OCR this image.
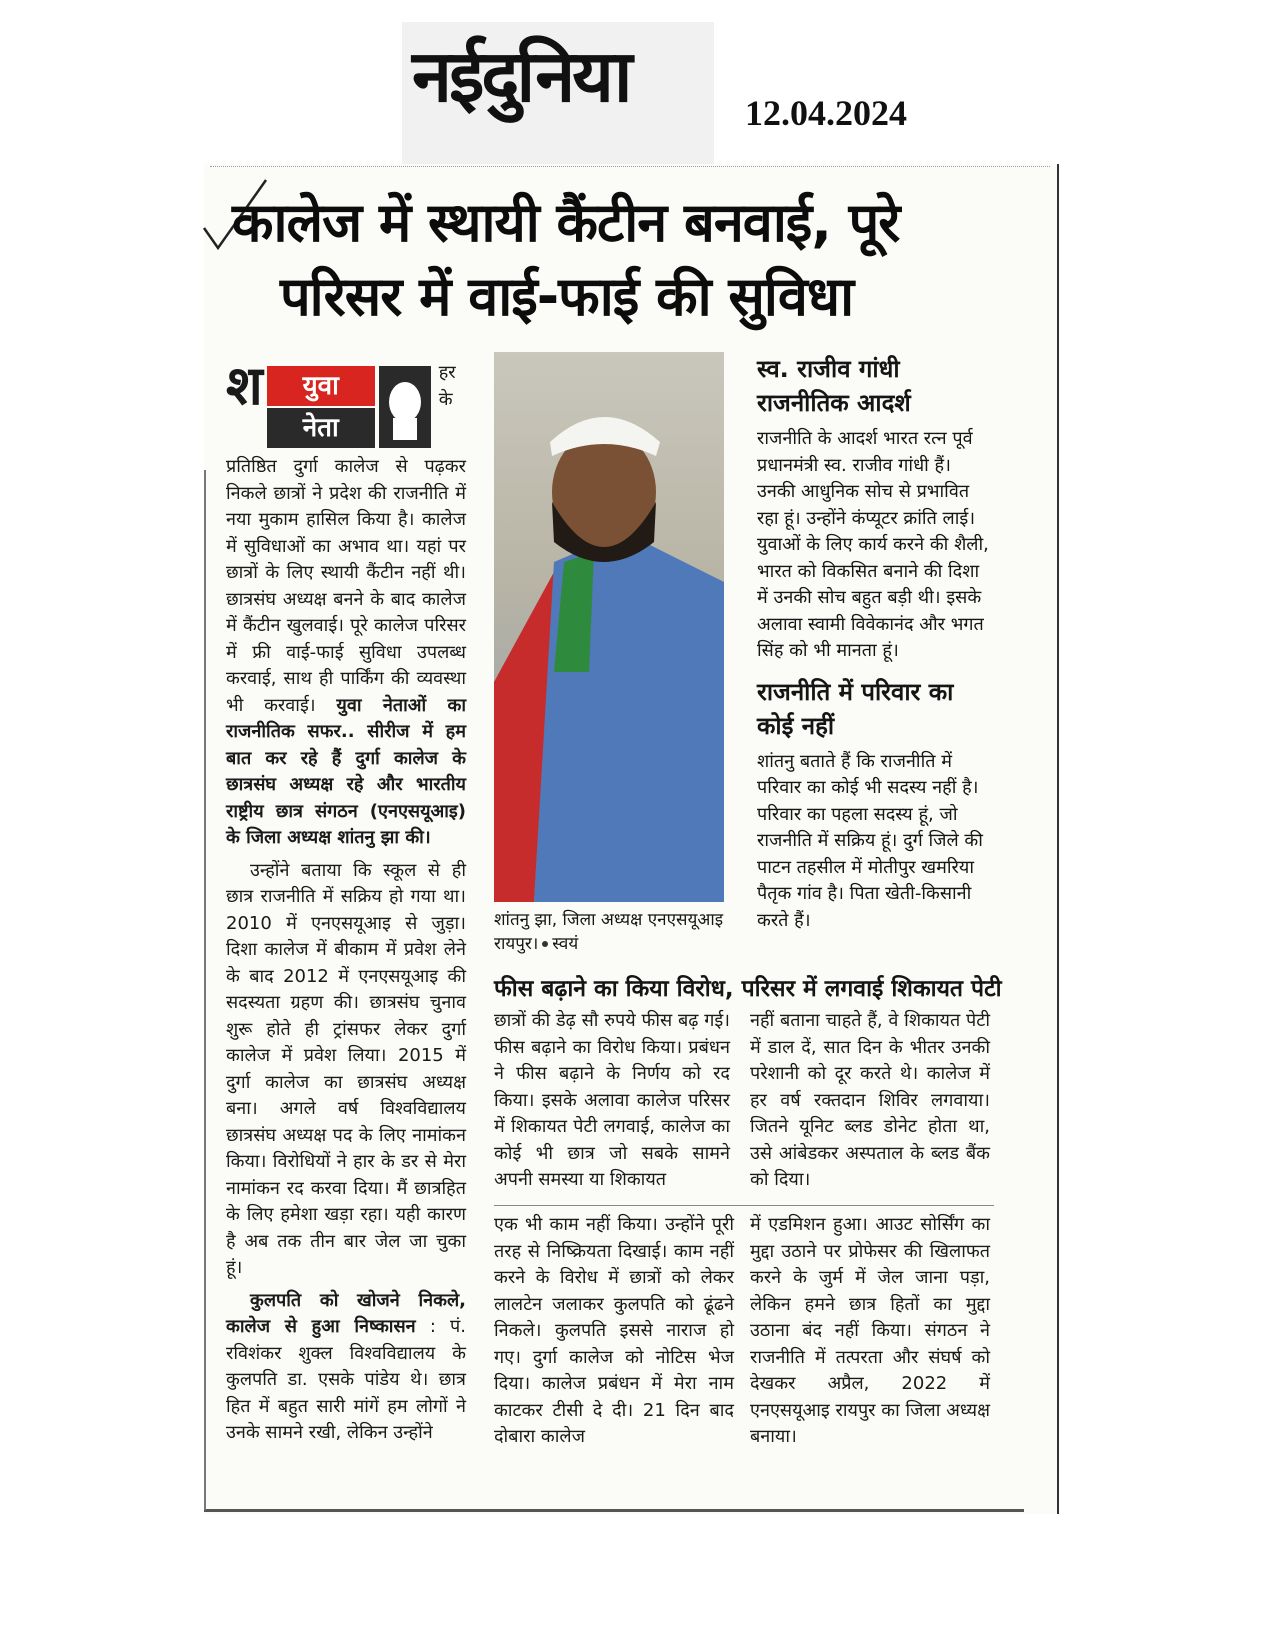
नईदुनिया	12.04.2024
कालेज में स्थायी कैंटीन बनवाई, पूरे
परिसर में वाई-फाई की सुविधा
श	युवा
नेता
हर के प्रतिष्ठित दुर्गा कालेज से पढ़कर निकले छात्रों ने प्रदेश की राजनीति में नया मुकाम हासिल किया है। कालेज में सुविधाओं का अभाव था। यहां पर छात्रों के लिए स्थायी कैंटीन नहीं थी। छात्रसंघ अध्यक्ष बनने के बाद कालेज में कैंटीन खुलवाई। पूरे कालेज परिसर में फ्री वाई-फाई सुविधा उपलब्ध करवाई, साथ ही पार्किंग की व्यवस्था भी करवाई। युवा नेताओं का राजनीतिक सफर.. सीरीज में हम बात कर रहे हैं दुर्गा कालेज के छात्रसंघ अध्यक्ष रहे और भारतीय राष्ट्रीय छात्र संगठन (एनएसयूआइ) के जिला अध्यक्ष शांतनु झा की।
उन्होंने बताया कि स्कूल से ही छात्र राजनीति में सक्रिय हो गया था। 2010 में एनएसयूआइ से जुड़ा। दिशा कालेज में बीकाम में प्रवेश लेने के बाद 2012 में एनएसयूआइ की सदस्यता ग्रहण की। छात्रसंघ चुनाव शुरू होते ही ट्रांसफर लेकर दुर्गा कालेज में प्रवेश लिया। 2015 में दुर्गा कालेज का छात्रसंघ अध्यक्ष बना। अगले वर्ष विश्वविद्यालय छात्रसंघ अध्यक्ष पद के लिए नामांकन किया। विरोधियों ने हार के डर से मेरा नामांकन रद करवा दिया। मैं छात्रहित के लिए हमेशा खड़ा रहा। यही कारण है अब तक तीन बार जेल जा चुका हूं।
कुलपति को खोजने निकले, कालेज से हुआ निष्कासन : पं. रविशंकर शुक्ल विश्वविद्यालय के कुलपति डा. एसके पांडेय थे। छात्र हित में बहुत सारी मांगें हम लोगों ने उनके सामने रखी, लेकिन उन्होंने
शांतनु झा, जिला अध्यक्ष एनएसयूआइ रायपुर। स्वयं
स्व. राजीव गांधी राजनीतिक आदर्श

राजनीति के आदर्श भारत रत्न पूर्व प्रधानमंत्री स्व. राजीव गांधी हैं। उनकी आधुनिक सोच से प्रभावित रहा हूं। उन्होंने कंप्यूटर क्रांति लाई। युवाओं के लिए कार्य करने की शैली, भारत को विकसित बनाने की दिशा में उनकी सोच बहुत बड़ी थी। इसके अलावा स्वामी विवेकानंद और भगत सिंह को भी मानता हूं।

राजनीति में परिवार का कोई नहीं

शांतनु बताते हैं कि राजनीति में परिवार का कोई भी सदस्य नहीं है। परिवार का पहला सदस्य हूं, जो राजनीति में सक्रिय हूं। दुर्ग जिले की पाटन तहसील में मोतीपुर खमरिया पैतृक गांव है। पिता खेती-किसानी करते हैं।

फीस बढ़ाने का किया विरोध, परिसर में लगवाई शिकायत पेटी
छात्रों की डेढ़ सौ रुपये फीस बढ़ गई। फीस बढ़ाने का विरोध किया। प्रबंधन ने फीस बढ़ाने के निर्णय को रद किया। इसके अलावा कालेज परिसर में शिकायत पेटी लगवाई, कालेज का कोई भी छात्र जो सबके सामने अपनी समस्या या शिकायत
नहीं बताना चाहते हैं, वे शिकायत पेटी में डाल दें, सात दिन के भीतर उनकी परेशानी को दूर करते थे। कालेज में हर वर्ष रक्तदान शिविर लगवाया। जितने यूनिट ब्लड डोनेट होता था, उसे आंबेडकर अस्पताल के ब्लड बैंक को दिया।
एक भी काम नहीं किया। उन्होंने पूरी तरह से निष्क्रियता दिखाई। काम नहीं करने के विरोध में छात्रों को लेकर लालटेन जलाकर कुलपति को ढूंढने निकले। कुलपति इससे नाराज हो गए। दुर्गा कालेज को नोटिस भेज दिया। कालेज प्रबंधन में मेरा नाम काटकर टीसी दे दी। 21 दिन बाद दोबारा कालेज
में एडमिशन हुआ। आउट सोर्सिंग का मुद्दा उठाने पर प्रोफेसर की खिलाफत करने के जुर्म में जेल जाना पड़ा, लेकिन हमने छात्र हितों का मुद्दा उठाना बंद नहीं किया। संगठन ने राजनीति में तत्परता और संघर्ष को देखकर अप्रैल, 2022 में एनएसयूआइ रायपुर का जिला अध्यक्ष बनाया।
